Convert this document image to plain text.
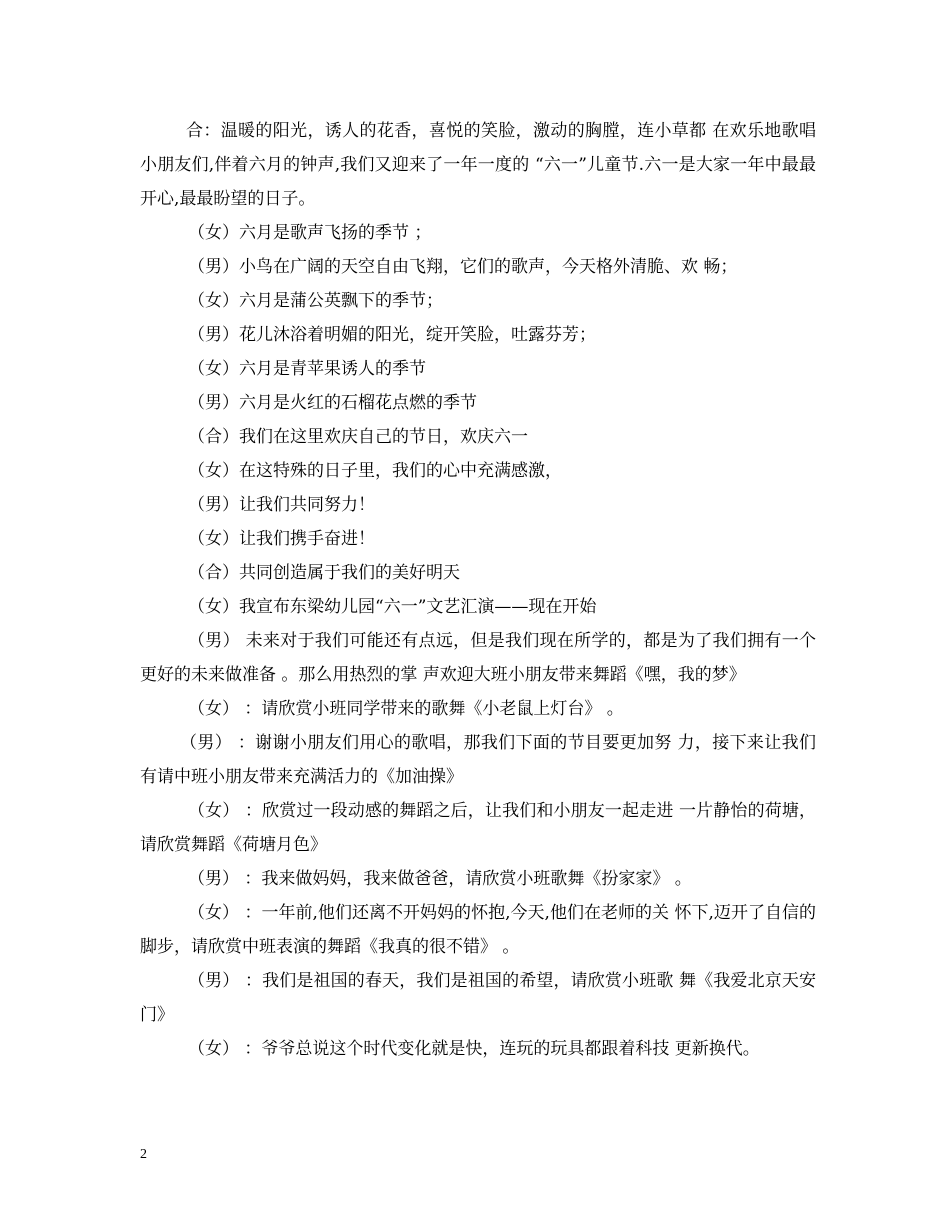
合：温暖的阳光，诱人的花香，喜悦的笑脸，激动的胸膛，连小草都 在欢乐地歌唱 小朋友们,伴着六月的钟声,我们又迎来了一年一度的 “六一”儿童节.六一是大家一年中最最开心,最最盼望的日子。

（女）六月是歌声飞扬的季节 ；

（男）小鸟在广阔的天空自由飞翔，它们的歌声，今天格外清脆、欢 畅；

（女）六月是蒲公英飘下的季节；

（男）花儿沐浴着明媚的阳光，绽开笑脸，吐露芬芳；

（女）六月是青苹果诱人的季节

（男）六月是火红的石榴花点燃的季节

（合）我们在这里欢庆自己的节日，欢庆六一

（女）在这特殊的日子里，我们的心中充满感激，

（男）让我们共同努力！

（女）让我们携手奋进！

（合）共同创造属于我们的美好明天

（女）我宣布东梁幼儿园“六一”文艺汇演——现在开始

（男） 未来对于我们可能还有点远，但是我们现在所学的，都是为了我们拥有一个更好的未来做准备 。那么用热烈的掌 声欢迎大班小朋友带来舞蹈《嘿，我的梦》

（女） ：请欣赏小班同学带来的歌舞《小老鼠上灯台》 。

（男） ：谢谢小朋友们用心的歌唱，那我们下面的节目要更加努 力，接下来让我们有请中班小朋友带来充满活力的《加油操》

（女） ：欣赏过一段动感的舞蹈之后，让我们和小朋友一起走进 一片静怡的荷塘，请欣赏舞蹈《荷塘月色》

（男） ：我来做妈妈，我来做爸爸，请欣赏小班歌舞《扮家家》 。

（女） ：一年前,他们还离不开妈妈的怀抱,今天,他们在老师的关 怀下,迈开了自信的脚步，请欣赏中班表演的舞蹈《我真的很不错》 。

（男） ：我们是祖国的春天，我们是祖国的希望，请欣赏小班歌 舞《我爱北京天安门》

（女） ：爷爷总说这个时代变化就是快，连玩的玩具都跟着科技 更新换代。

2
